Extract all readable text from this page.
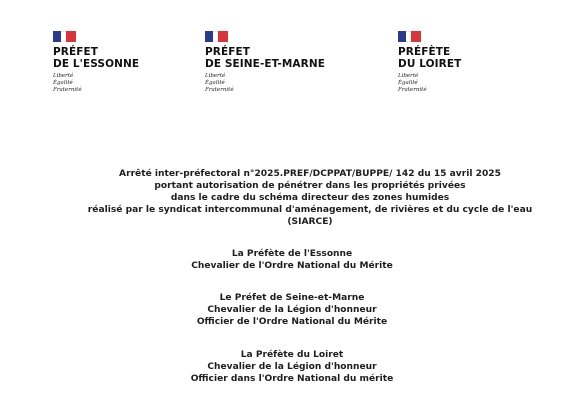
PRÉFET
DE L'ESSONNE
Liberté
Égalité
Fraternité
PRÉFET
DE SEINE-ET-MARNE
Liberté
Égalité
Fraternité
PRÉFÈTE
DU LOIRET
Liberté
Égalité
Fraternité
Arrêté inter-préfectoral n°2025.PREF/DCPPAT/BUPPE/ 142 du 15 avril 2025
portant autorisation de pénétrer dans les propriétés privées
dans le cadre du schéma directeur des zones humides
réalisé par le syndicat intercommunal d'aménagement, de rivières et du cycle de l'eau
(SIARCE)
La Préfète de l'Essonne
Chevalier de l'Ordre National du Mérite
Le Préfet de Seine-et-Marne
Chevalier de la Légion d'honneur
Officier de l'Ordre National du Mérite
La Préfète du Loiret
Chevalier de la Légion d'honneur
Officier dans l'Ordre National du mérite
